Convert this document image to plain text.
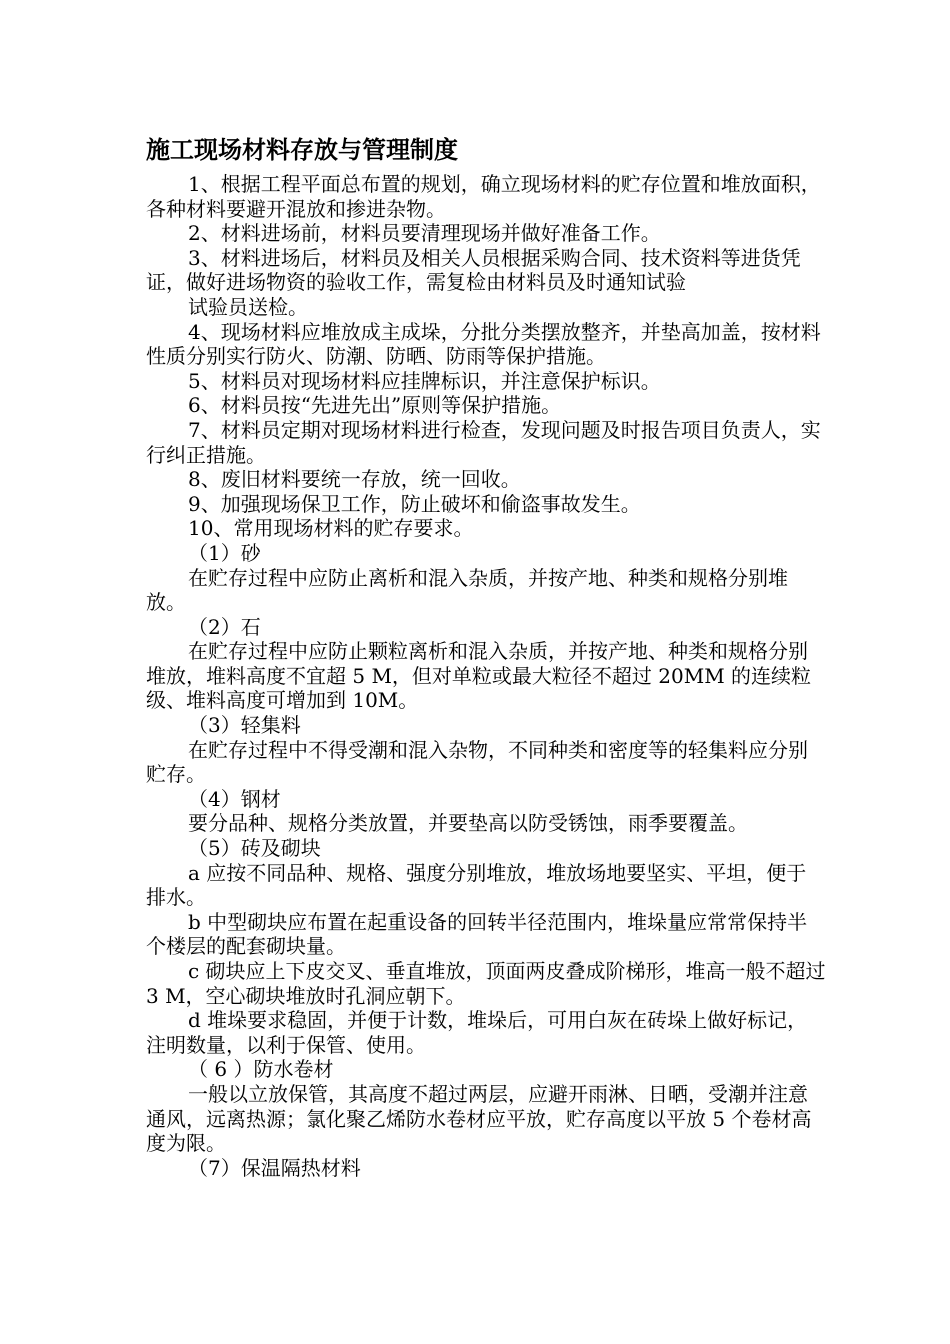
施工现场材料存放与管理制度

1、根据工程平面总布置的规划，确立现场材料的贮存位置和堆放面积，各种材料要避开混放和掺进杂物。

2、材料进场前，材料员要清理现场并做好准备工作。

3、材料进场后，材料员及相关人员根据采购合同、技术资料等进货凭证，做好进场物资的验收工作，需复检由材料员及时通知试验

试验员送检。

4、现场材料应堆放成主成垛，分批分类摆放整齐，并垫高加盖，按材料性质分别实行防火、防潮、防晒、防雨等保护措施。

5、材料员对现场材料应挂牌标识，并注意保护标识。

6、材料员按“先进先出”原则等保护措施。

7、材料员定期对现场材料进行检查，发现问题及时报告项目负责人，实行纠正措施。

8、废旧材料要统一存放，统一回收。

9、加强现场保卫工作，防止破坏和偷盗事故发生。

10、常用现场材料的贮存要求。

（1）砂

在贮存过程中应防止离析和混入杂质，并按产地、种类和规格分别堆放。

（2）石

在贮存过程中应防止颗粒离析和混入杂质，并按产地、种类和规格分别堆放，堆料高度不宜超 5 M，但对单粒或最大粒径不超过 20MM 的连续粒级、堆料高度可增加到 10M。

（3）轻集料

在贮存过程中不得受潮和混入杂物，不同种类和密度等的轻集料应分别贮存。

（4）钢材

要分品种、规格分类放置，并要垫高以防受锈蚀，雨季要覆盖。

（5）砖及砌块

a 应按不同品种、规格、强度分别堆放，堆放场地要坚实、平坦，便于排水。

b 中型砌块应布置在起重设备的回转半径范围内，堆垛量应常常保持半个楼层的配套砌块量。

c 砌块应上下皮交叉、垂直堆放，顶面两皮叠成阶梯形，堆高一般不超过 3 M，空心砌块堆放时孔洞应朝下。

d 堆垛要求稳固，并便于计数，堆垛后，可用白灰在砖垛上做好标记，注明数量，以利于保管、使用。

（ 6 ）防水卷材

一般以立放保管，其高度不超过两层，应避开雨淋、日晒，受潮并注意通风，远离热源；氯化聚乙烯防水卷材应平放，贮存高度以平放 5 个卷材高度为限。

（7）保温隔热材料
